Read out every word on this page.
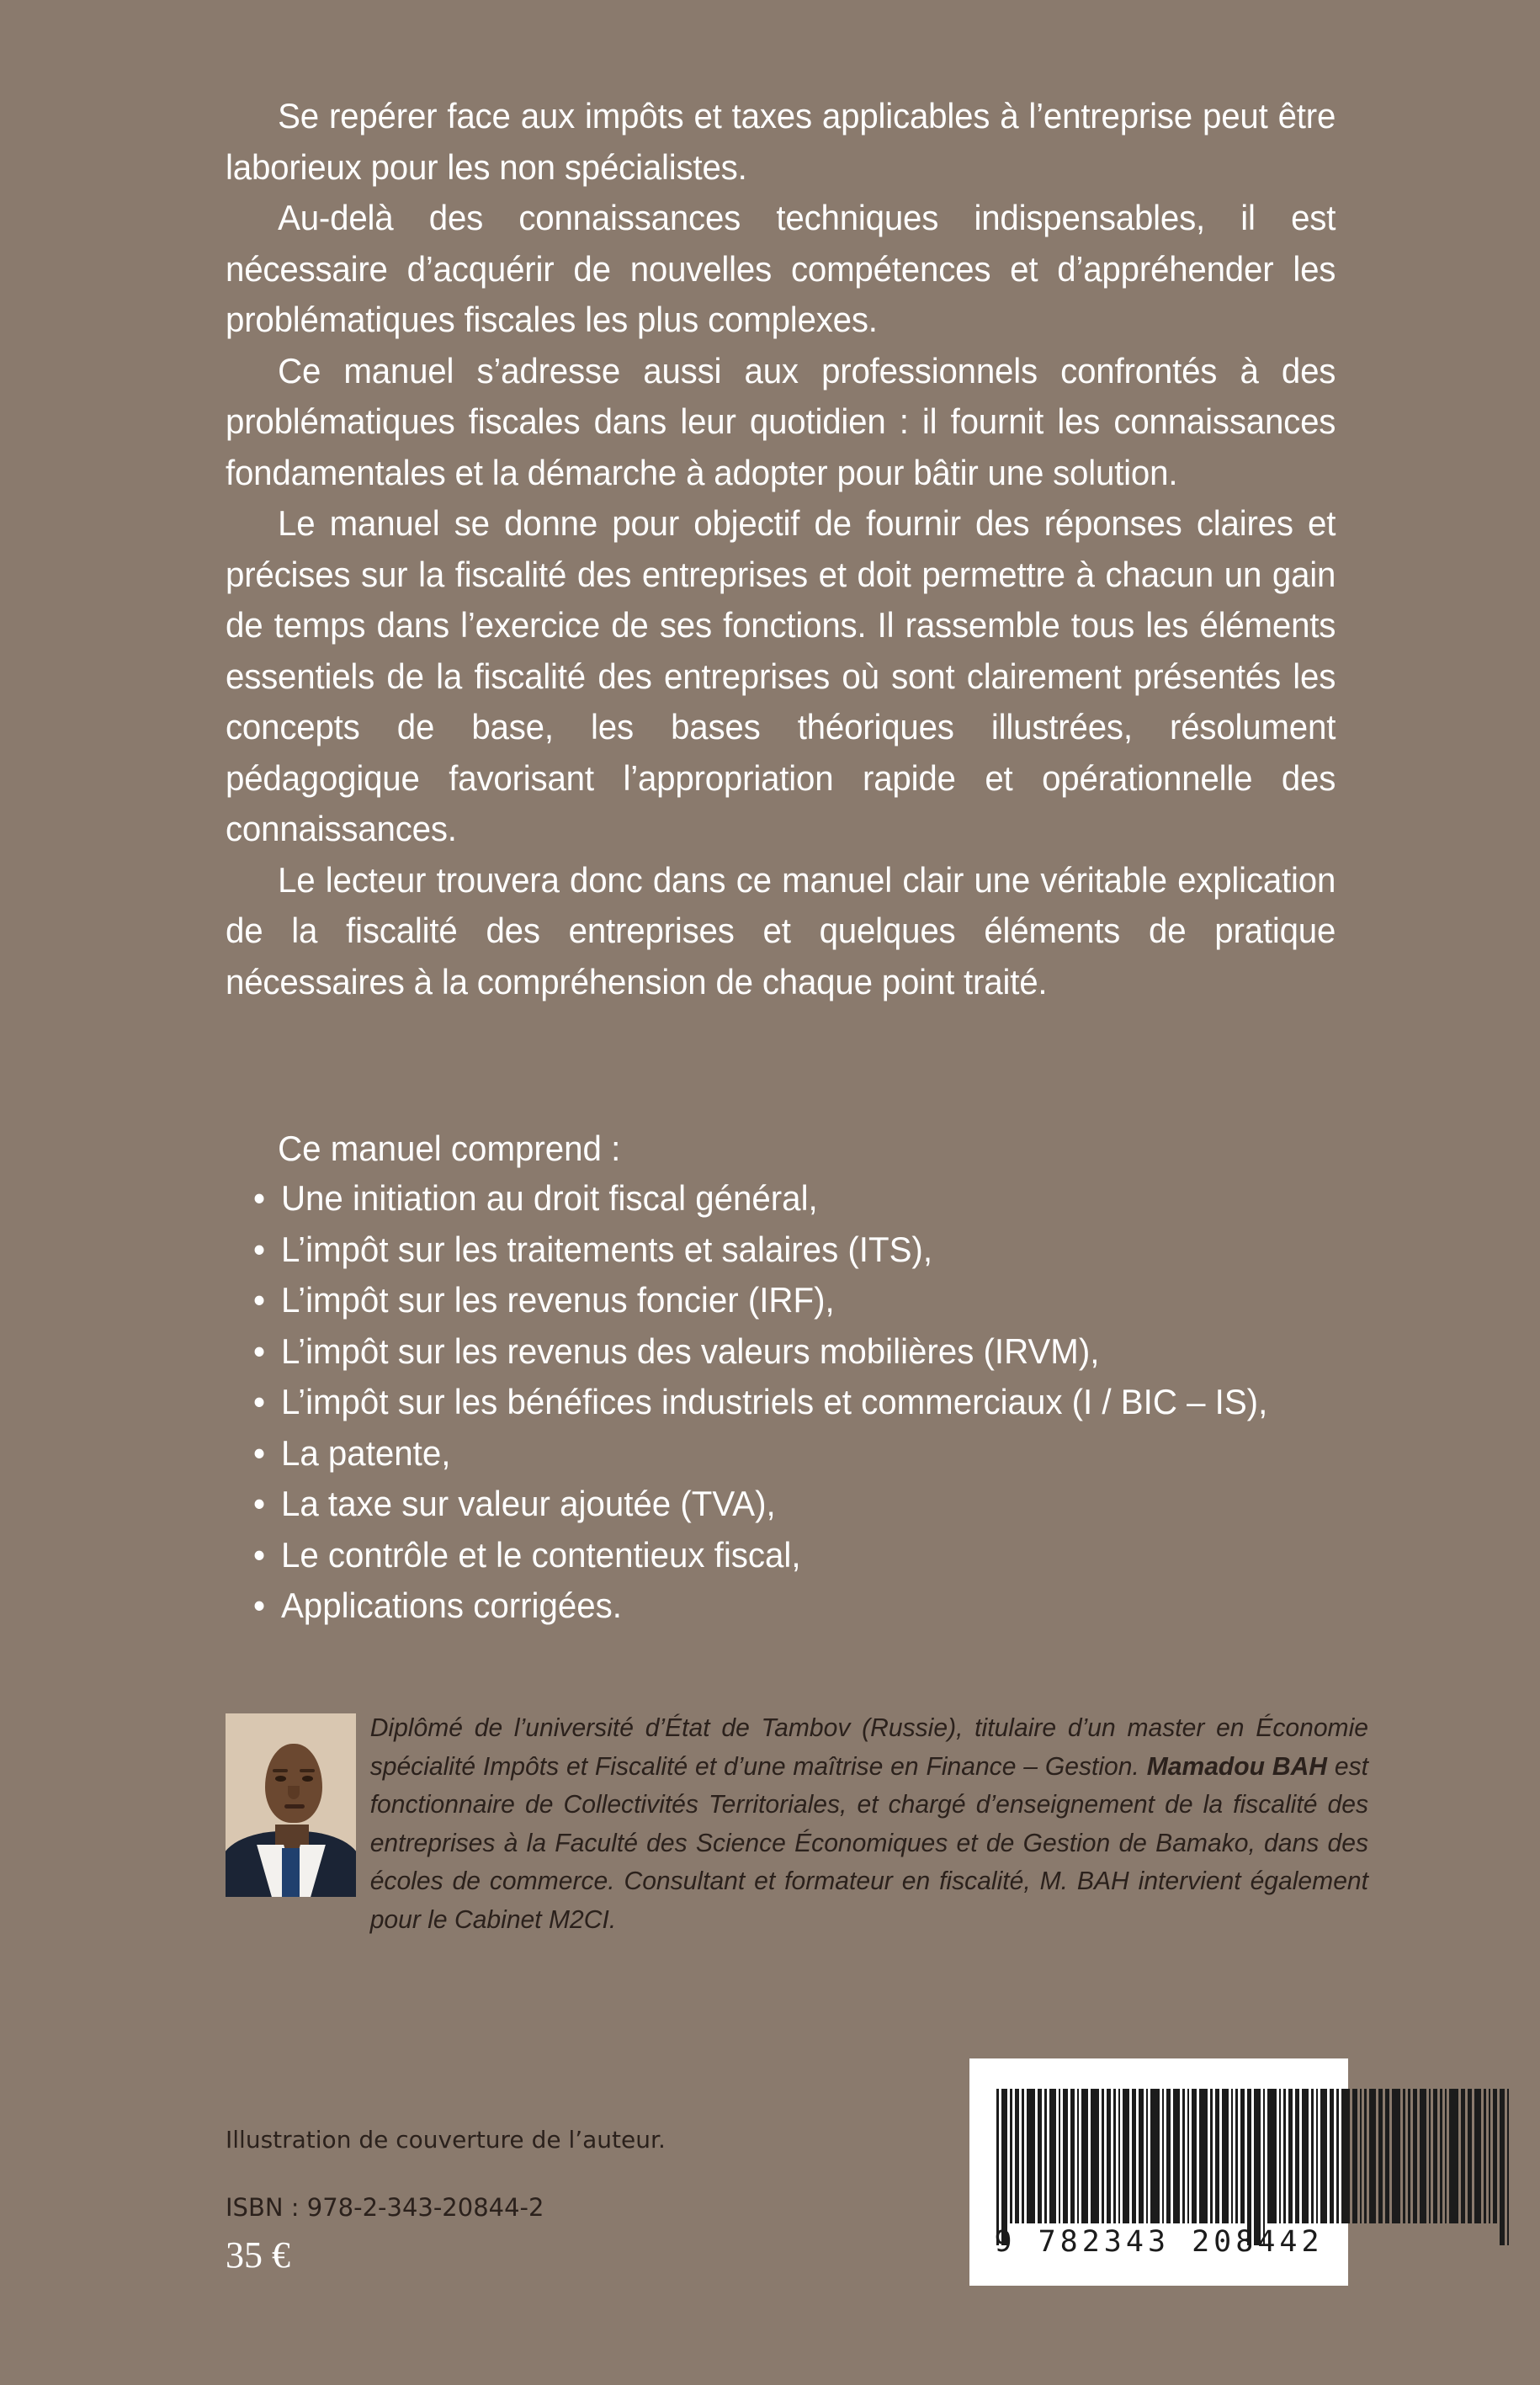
Se repérer face aux impôts et taxes applicables à l’entreprise peut être laborieux pour les non spécialistes.

Au-delà des connaissances techniques indispensables, il est nécessaire d’acquérir de nouvelles compétences et d’appréhender les problématiques fiscales les plus complexes.

Ce manuel s’adresse aussi aux professionnels confrontés à des problématiques fiscales dans leur quotidien : il fournit les connaissances fondamentales et la démarche à adopter pour bâtir une solution.

Le manuel se donne pour objectif de fournir des réponses claires et précises sur la fiscalité des entreprises et doit permettre à chacun un gain de temps dans l’exercice de ses fonctions. Il rassemble tous les éléments essentiels de la fiscalité des entreprises où sont clairement présentés les concepts de base, les bases théoriques illustrées, résolument pédagogique favorisant l’appropriation rapide et opérationnelle des connaissances.

Le lecteur trouvera donc dans ce manuel clair une véritable explication de la fiscalité des entreprises et quelques éléments de pratique nécessaires à la compréhension de chaque point traité.

Ce manuel comprend :
Une initiation au droit fiscal général,
L’impôt sur les traitements et salaires (ITS),
L’impôt sur les revenus foncier (IRF),
L’impôt sur les revenus des valeurs mobilières (IRVM),
L’impôt sur les bénéfices industriels et commerciaux (I / BIC – IS),
La patente,
La taxe sur valeur ajoutée (TVA),
Le contrôle et le contentieux fiscal,
Applications corrigées.
Diplômé de l’université d’État de Tambov (Russie), titulaire d’un master en Économie spécialité Impôts et Fiscalité et d’une maîtrise en Finance – Gestion. Mamadou BAH est fonctionnaire de Collectivités Territoriales, et chargé d’enseignement de la fiscalité des entreprises à la Faculté des Science Économiques et de Gestion de Bamako, dans des écoles de commerce. Consultant et formateur en fiscalité, M. BAH intervient également pour le Cabinet M2CI.
Illustration de couverture de l’auteur.
ISBN : 978-2-343-20844-2
35 €	9 782343 208442
